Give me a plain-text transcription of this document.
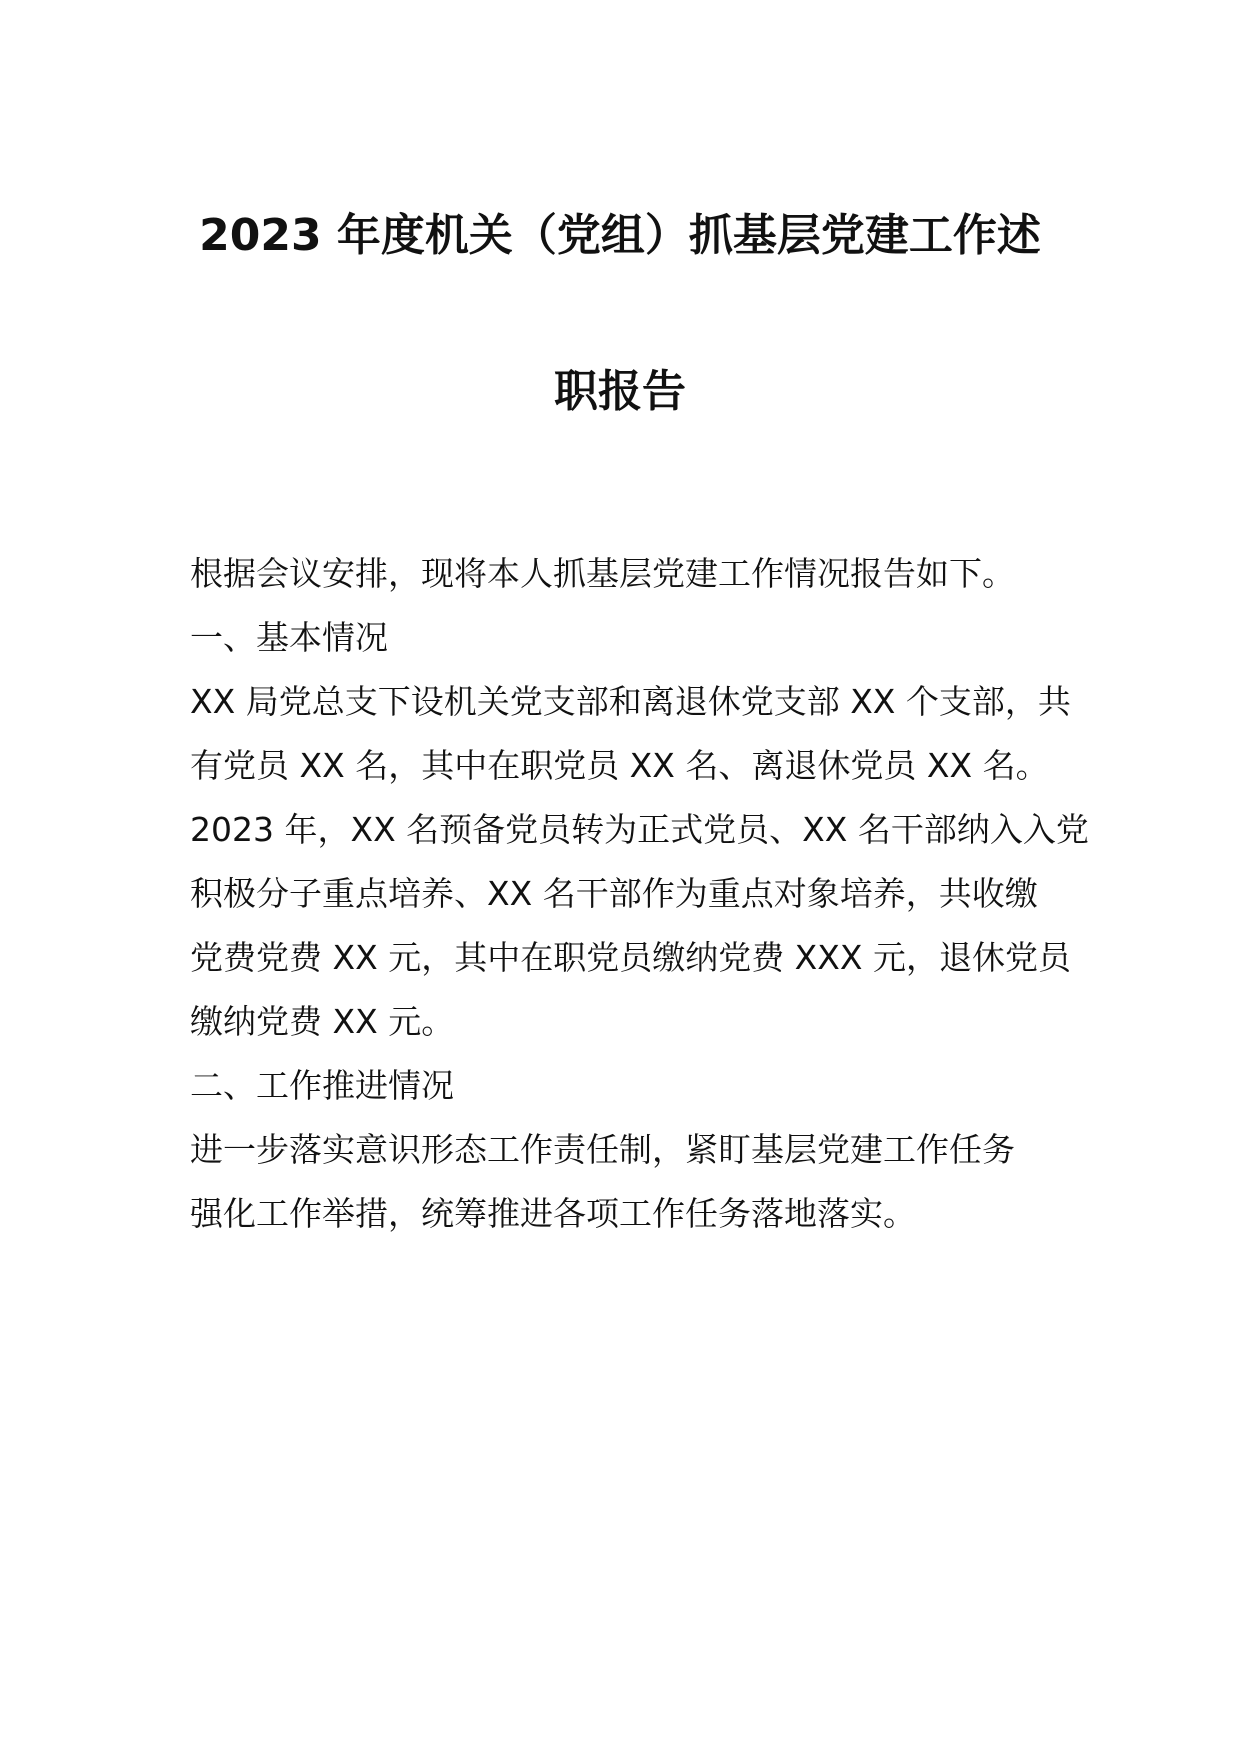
2023 年度机关（党组）抓基层党建工作述
职报告
根据会议安排，现将本人抓基层党建工作情况报告如下。
一、基本情况
XX 局党总支下设机关党支部和离退休党支部 XX 个支部，共
有党员 XX 名，其中在职党员 XX 名、离退休党员 XX 名。
2023 年，XX 名预备党员转为正式党员、XX 名干部纳入入党
积极分子重点培养、XX 名干部作为重点对象培养，共收缴
党费党费 XX 元，其中在职党员缴纳党费 XXX 元，退休党员
缴纳党费 XX 元。
二、工作推进情况
进一步落实意识形态工作责任制，紧盯基层党建工作任务
强化工作举措，统筹推进各项工作任务落地落实。
